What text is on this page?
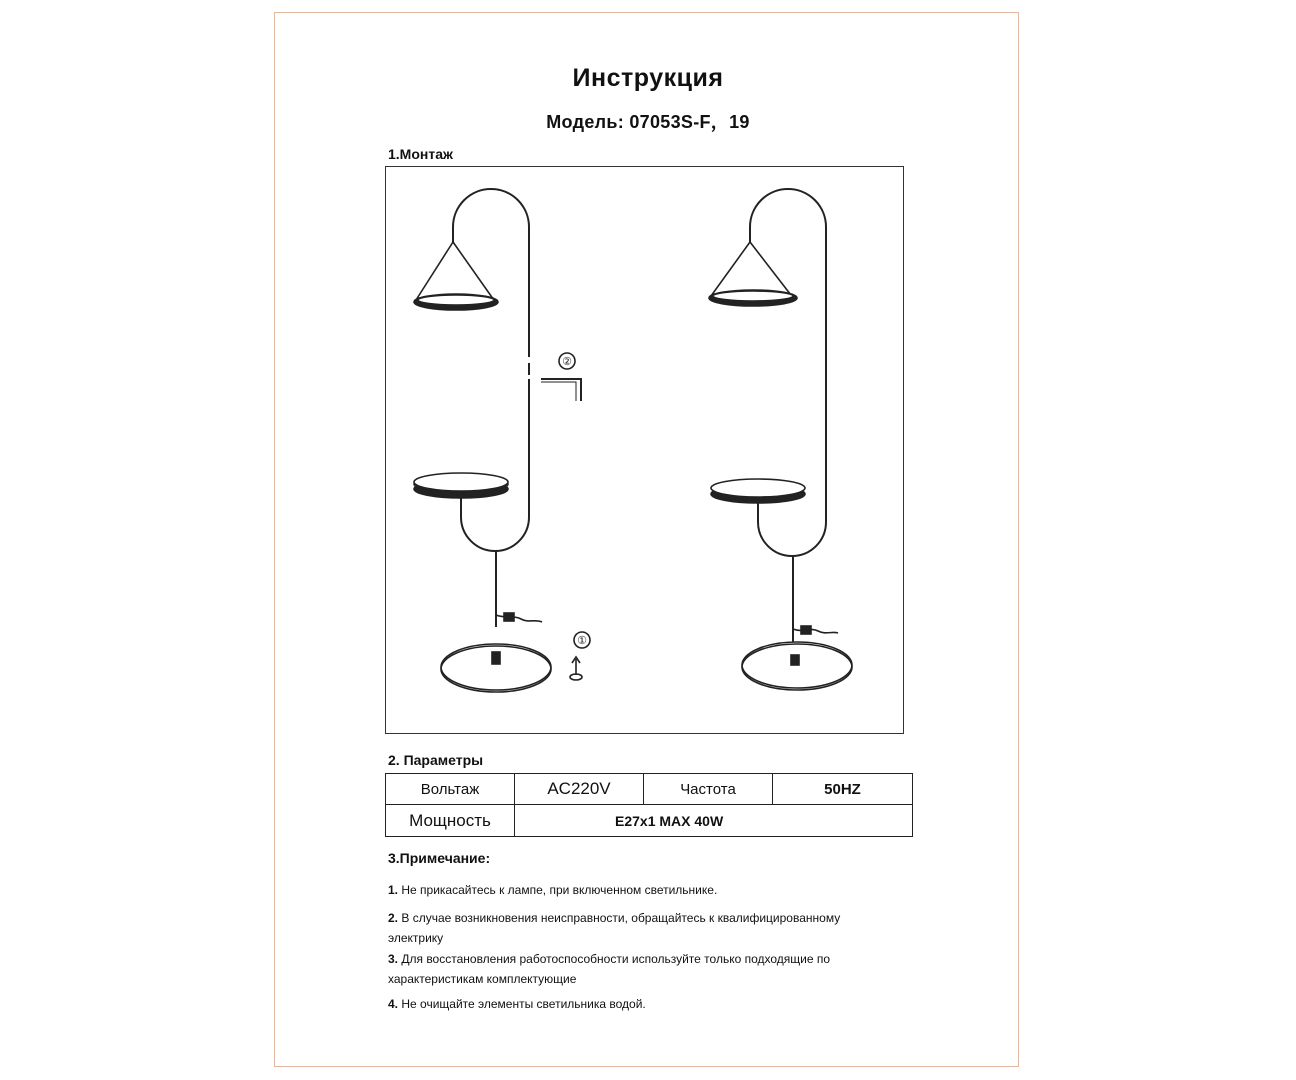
Инструкция
Модель: 07053S-F，19
1.Монтаж
②
①
2. Параметры
Вольтаж	AC220V	Частота	50HZ
Мощность	E27x1 MAX 40W		
3.Примечание:
1. Не прикасайтесь к лампе, при включенном светильнике.
2. В случае возникновения неисправности, обращайтесь к квалифицированному
электрику
3. Для восстановления работоспособности используйте только подходящие по
характеристикам комплектующие
4. Не очищайте элементы светильника водой.
